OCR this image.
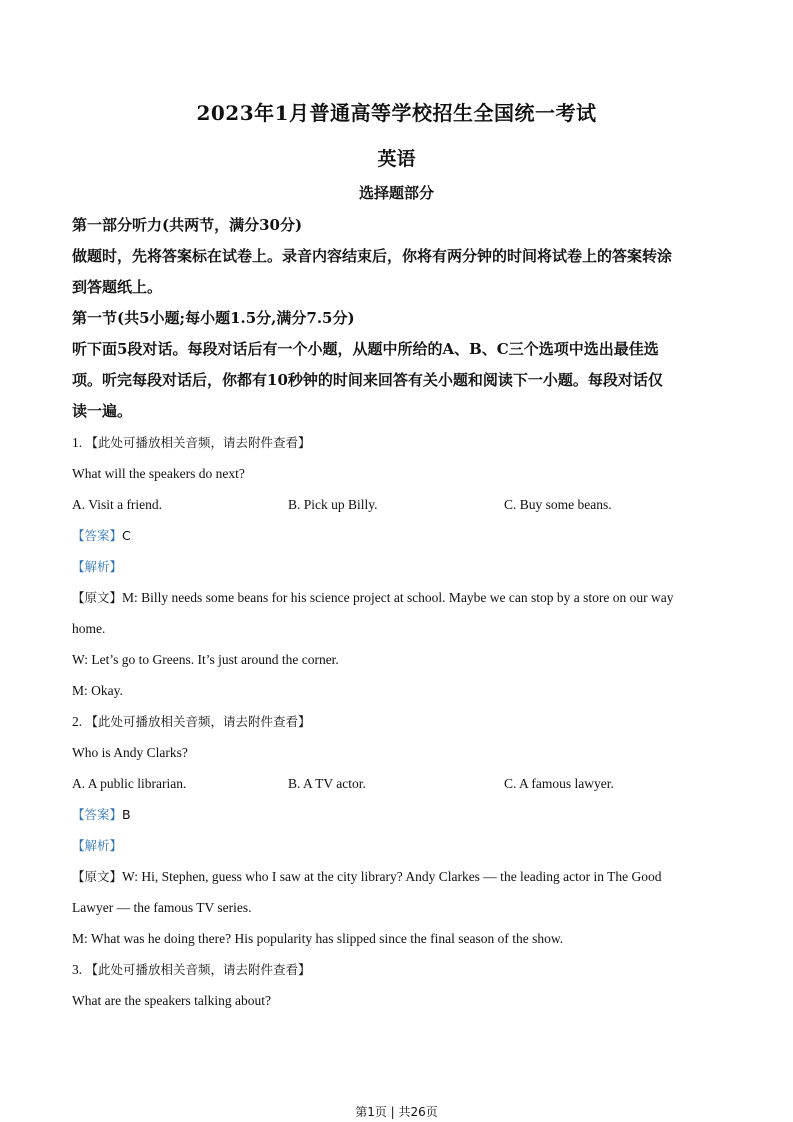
2023年1月普通高等学校招生全国统一考试
英语
选择题部分

第一部分听力(共两节，满分30分)

做题时，先将答案标在试卷上。录音内容结束后，你将有两分钟的时间将试卷上的答案转涂

到答题纸上。

第一节(共5小题;每小题1.5分,满分7.5分)

听下面5段对话。每段对话后有一个小题，从题中所给的A、B、C三个选项中选出最佳选

项。听完每段对话后，你都有10秒钟的时间来回答有关小题和阅读下一小题。每段对话仅

读一遍。

1. 【此处可播放相关音频，请去附件查看】

What will the speakers do next?

A. Visit a friend.	B. Pick up Billy.	C. Buy some beans.

【答案】C

【解析】

【原文】M: Billy needs some beans for his science project at school. Maybe we can stop by a store on our way

home.

W: Let’s go to Greens. It’s just around the corner.

M: Okay.

2. 【此处可播放相关音频，请去附件查看】

Who is Andy Clarks?

A. A public librarian.	B. A TV actor.	C. A famous lawyer.

【答案】B

【解析】

【原文】W: Hi, Stephen, guess who I saw at the city library? Andy Clarkes — the leading actor in The Good

Lawyer — the famous TV series.

M: What was he doing there? His popularity has slipped since the final season of the show.

3. 【此处可播放相关音频，请去附件查看】

What are the speakers talking about?

第1页 | 共26页
